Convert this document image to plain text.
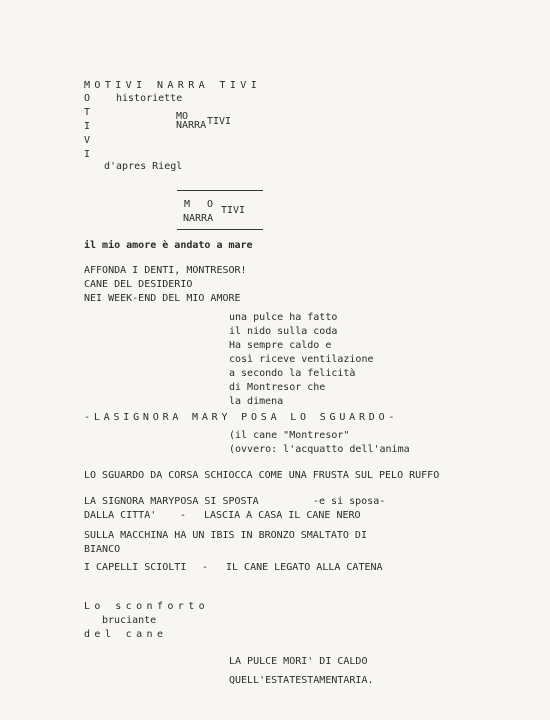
MOTIVI NARRA TIVI
O
T
I
V
I
historiette
MO
NARRA TIVI
d'apres Riegl
M O
NARRA
TIVI
il mio amore è andato a mare
AFFONDA I DENTI, MONTRESOR!
CANE DEL DESIDERIO
NEI WEEK-END DEL MIO AMORE
una pulce ha fatto
il nido sulla coda
Ha sempre caldo e
così riceve ventilazione
a secondo la felicità
di Montresor che
la dimena
-LASIGNORA MARY POSA LO SGUARDO-
(il cane "Montresor"
(ovvero: l'acquatto dell'anima
LO SGUARDO DA CORSA SCHIOCCA COME UNA FRUSTA SUL PELO RUFFO
LA SIGNORA MARYPOSA SI SPOSTA	-e si sposa-
DALLA CITTA' - LASCIA A CASA IL CANE NERO
SULLA MACCHINA HA UN IBIS IN BRONZO SMALTATO DI
BIANCO
I CAPELLI SCIOLTI - IL CANE LEGATO ALLA CATENA
Lo sconforto
bruciante
del cane
LA PULCE MORI' DI CALDO
QUELL'ESTATESTAMENTARIA.
